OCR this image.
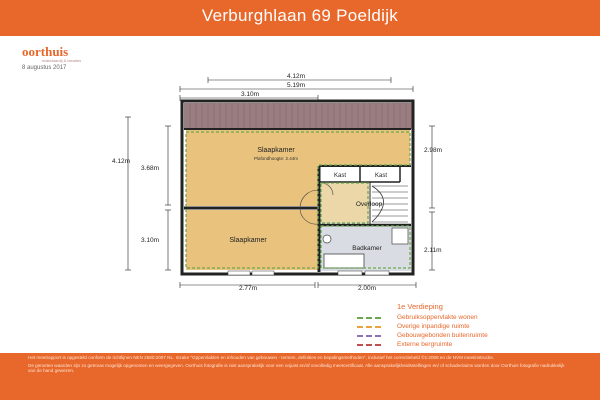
Verburghlaan 69 Poeldijk
oorthuis
makelaardij & taxaties
8 augustus 2017
4.12m
5.19m
3.10m
4.12m
3.68m
3.10m
2.98m
2.11m
2.77m	2.00m
Slaapkamer
Plafondhoogte: 2.44m
Kast	Kast
Overloop
Slaapkamer
Badkamer
1e Verdieping
Gebruiksoppervlakte wonen
Overige inpandige ruimte
Gebouwgebonden buitenruimte
Externe bergruimte

Het meetrapport is opgesteld conform de richtlijnen NEN 2580:2007 NL. Inzake "Oppervlakten en inhouden van gebouwen - termen, definities en bepalingsmethoden", inclusief het correctiebeld ©1:2008 en de NVM meetinstructie.

De gemeten waarden zijn zo getrouw mogelijk opgenomen en weergegeven. Oorthuis fotografie is niet aansprakelijk voor een onjuist en/of onvolledig meetcertificaat. Alle aansprakelijkheidsstellingen en/ of schadeclaims worden door Oorthuis fotografie nadrukkelijk van de hand gewezen.
